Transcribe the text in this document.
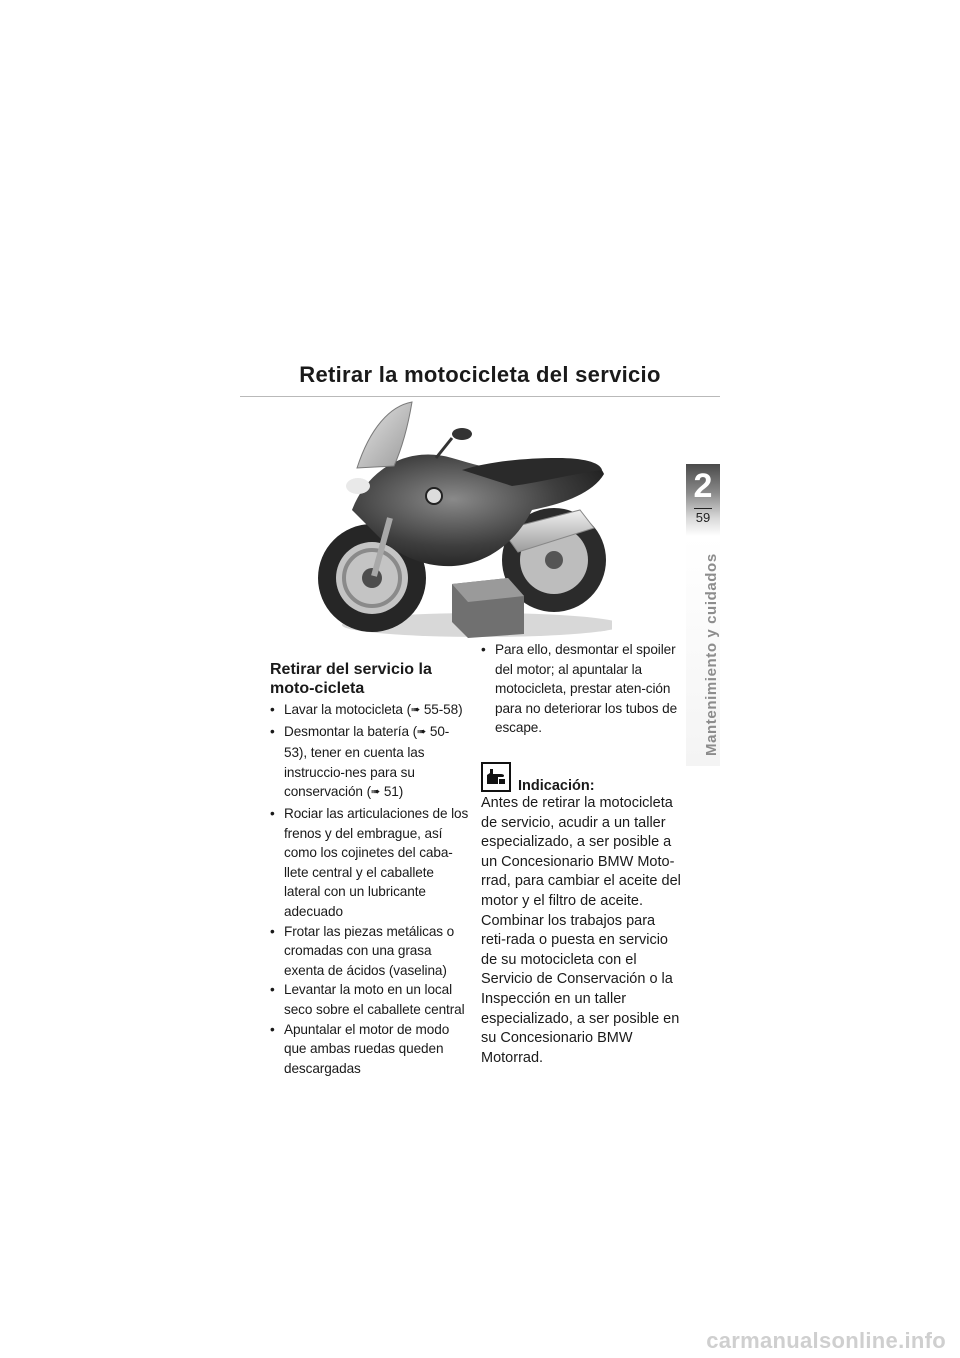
Retirar la motocicleta del servicio
Retirar del servicio la moto-cicleta
• Lavar la motocicleta (➠ 55-58)
• Desmontar la batería (➠ 50-53), tener en cuenta las instruccio-nes para su conservación (➠ 51)
• Rociar las articulaciones de los frenos y del embrague, así como los cojinetes del caba-llete central y el caballete lateral con un lubricante adecuado
• Frotar las piezas metálicas o cromadas con una grasa exenta de ácidos (vaselina)
• Levantar la moto en un local seco sobre el caballete central
• Apuntalar el motor de modo que ambas ruedas queden descargadas
• Para ello, desmontar el spoiler del motor; al apuntalar la motocicleta, prestar aten-ción para no deteriorar los tubos de escape.
Indicación:
Antes de retirar la motocicleta de servicio, acudir a un taller especializado, a ser posible a un Concesionario BMW Moto-rrad, para cambiar el aceite del motor y el filtro de aceite. Combinar los trabajos para reti-rada o puesta en servicio de su motocicleta con el Servicio de Conservación o la Inspección en un taller especializado, a ser posible en su Concesionario BMW Motorrad.
2
59
Mantenimiento y cuidados
carmanualsonline.info
